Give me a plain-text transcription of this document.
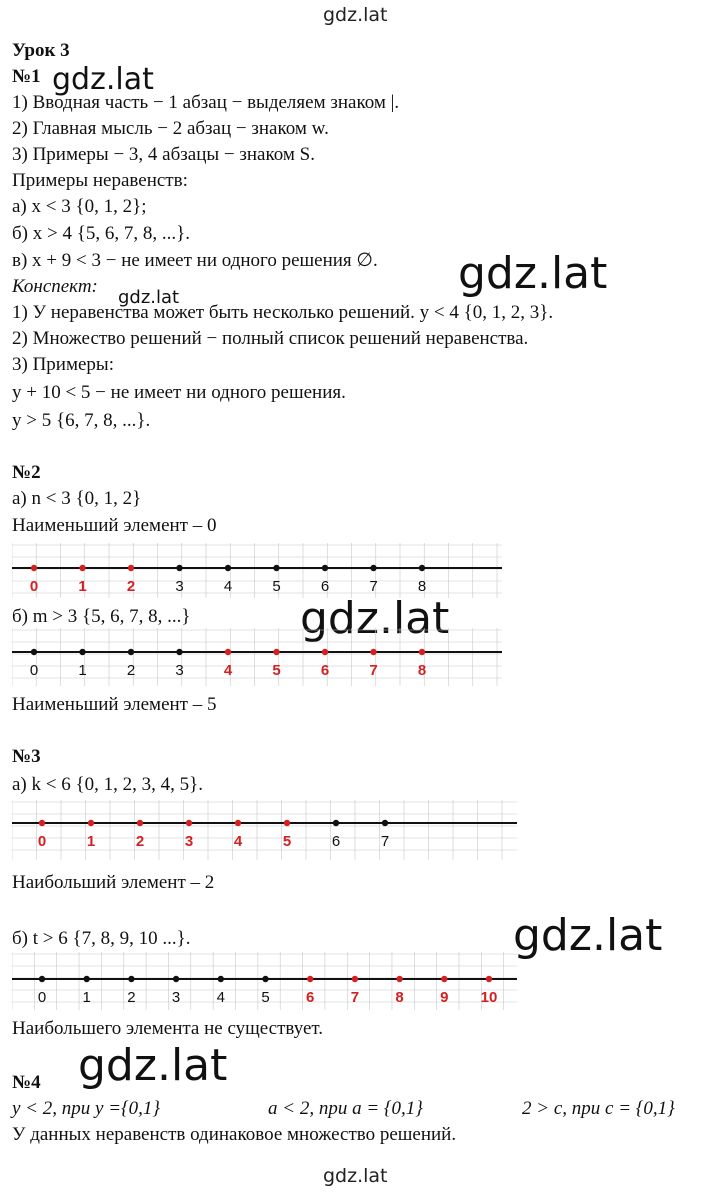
gdz.lat
gdz.lat
gdz.lat
gdz.lat
gdz.lat
gdz.lat
gdz.lat
gdz.lat
Урок 3
№1
1) Вводная часть − 1 абзац − выделяем знаком |.
2) Главная мысль − 2 абзац − знаком w.
3) Примеры − 3, 4 абзацы − знаком S.
Примеры неравенств:
а) x < 3 {0, 1, 2};
б) x > 4 {5, 6, 7, 8, ...}.
в) x + 9 < 3 − не имеет ни одного решения ∅.
Конспект:
1) У неравенства может быть несколько решений. y < 4 {0, 1, 2, 3}.
2) Множество решений − полный список решений неравенства.
3) Примеры:
y + 10 < 5 − не имеет ни одного решения.
y > 5 {6, 7, 8, ...}.
№2
а) n < 3 {0, 1, 2}
Наименьший элемент – 0
0	1	2	3	4	5	6	7	8
б) m > 3 {5, 6, 7, 8, ...}
0	1	2	3	4	5	6	7	8
Наименьший элемент – 5
№3
а) k < 6 {0, 1, 2, 3, 4, 5}.
0	1	2	3	4	5	6	7
Наибольший элемент – 2
б) t > 6 {7, 8, 9, 10 ...}.
0 1 2 3 4 5 6 7 8 9 10
Наибольшего элемента не существует.
№4
y < 2, при y ={0,1}	a < 2, при a = {0,1}	2 > c, при c = {0,1}
У данных неравенств одинаковое множество решений.
